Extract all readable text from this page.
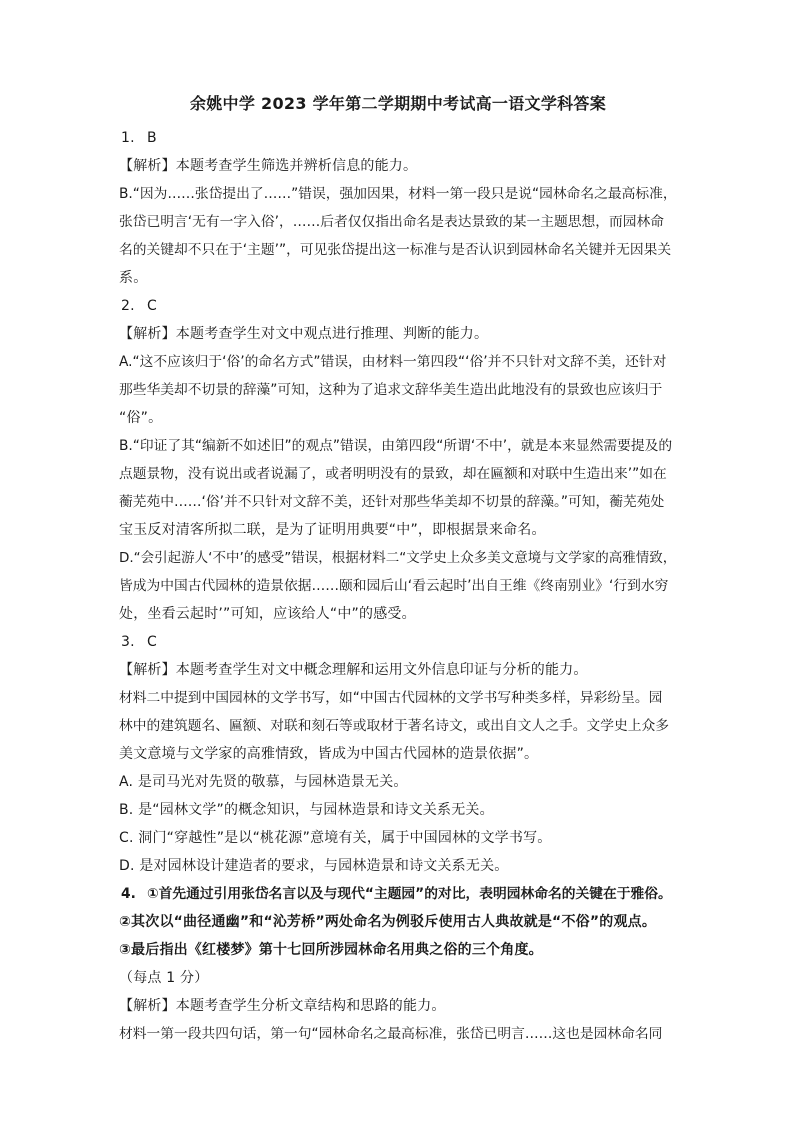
余姚中学 2023 学年第二学期期中考试高一语文学科答案
1. B
【解析】本题考查学生筛选并辨析信息的能力。
B.“因为……张岱提出了……”错误，强加因果，材料一第一段只是说“园林命名之最高标准，
张岱已明言‘无有一字入俗’，……后者仅仅指出命名是表达景致的某一主题思想，而园林命
名的关键却不只在于‘主题’”，可见张岱提出这一标准与是否认识到园林命名关键并无因果关
系。
2. C
【解析】本题考查学生对文中观点进行推理、判断的能力。
A.“这不应该归于‘俗’的命名方式”错误，由材料一第四段“‘俗’并不只针对文辞不美，还针对
那些华美却不切景的辞藻”可知，这种为了追求文辞华美生造出此地没有的景致也应该归于
“俗”。
B.“印证了其“编新不如述旧”的观点”错误，由第四段“所谓‘不中’，就是本来显然需要提及的
点题景物，没有说出或者说漏了，或者明明没有的景致，却在匾额和对联中生造出来’”如在
蘅芜苑中……‘俗’并不只针对文辞不美，还针对那些华美却不切景的辞藻。”可知，蘅芜苑处
宝玉反对清客所拟二联，是为了证明用典要“中”，即根据景来命名。
D.“会引起游人‘不中’的感受”错误，根据材料二“文学史上众多美文意境与文学家的高雅情致，
皆成为中国古代园林的造景依据……颐和园后山‘看云起时’出自王维《终南别业》‘行到水穷
处，坐看云起时’”可知，应该给人“中”的感受。
3. C
【解析】本题考查学生对文中概念理解和运用文外信息印证与分析的能力。
材料二中提到中国园林的文学书写，如“中国古代园林的文学书写种类多样，异彩纷呈。园
林中的建筑题名、匾额、对联和刻石等或取材于著名诗文，或出自文人之手。文学史上众多
美文意境与文学家的高雅情致，皆成为中国古代园林的造景依据”。
A. 是司马光对先贤的敬慕，与园林造景无关。
B. 是“园林文学”的概念知识，与园林造景和诗文关系无关。
C. 洞门“穿越性”是以“桃花源”意境有关，属于中国园林的文学书写。
D. 是对园林设计建造者的要求，与园林造景和诗文关系无关。
4. ①首先通过引用张岱名言以及与现代“主题园”的对比，表明园林命名的关键在于雅俗。
②其次以“曲径通幽”和“沁芳桥”两处命名为例驳斥使用古人典故就是“不俗”的观点。
③最后指出《红楼梦》第十七回所涉园林命名用典之俗的三个角度。
（每点 1 分）
【解析】本题考查学生分析文章结构和思路的能力。
材料一第一段共四句话，第一句“园林命名之最高标准，张岱已明言……这也是园林命名同
